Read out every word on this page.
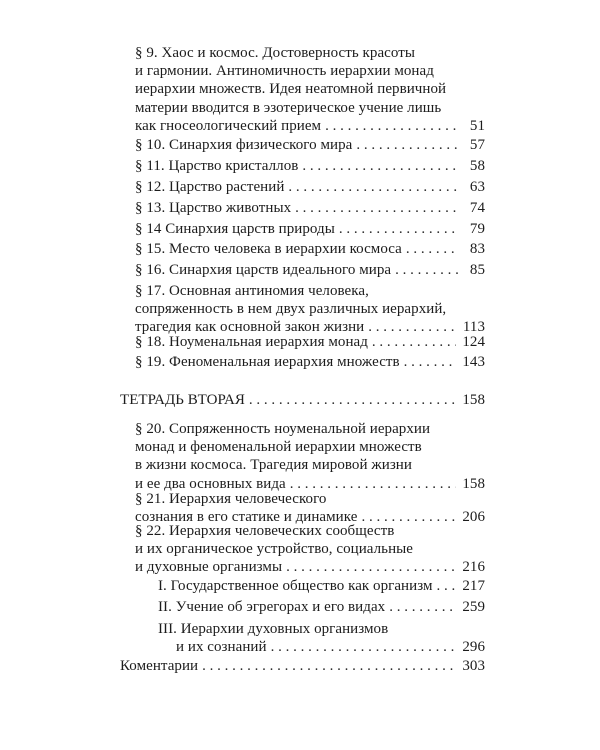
§ 9. Хаос и космос. Достоверность красоты
и гармонии. Антиномичность иерархии монад
иерархии множеств. Идея неатомной первичной
материи вводится в эзотерическое учение лишь
как гносеологический прием . . .	51
§ 10. Синархия физического мира . . .	57
§ 11. Царство кристаллов . . .	58
§ 12. Царство растений . . .	63
§ 13. Царство животных . . .	74
§ 14 Синархия царств природы . . .	79
§ 15. Место человека в иерархии космоса . . .	83
§ 16. Синархия царств идеального мира . . .	85
§ 17. Основная антиномия человека,
сопряженность в нем двух различных иерархий,
трагедия как основной закон жизни . . .	113
§ 18. Ноуменальная иерархия монад . . .	124
§ 19. Феноменальная иерархия множеств . . .	143
ТЕТРАДЬ ВТОРАЯ . . .	158
§ 20. Сопряженность ноуменальной иерархии
монад и феноменальной иерархии множеств
в жизни космоса. Трагедия мировой жизни
и ее два основных вида . . .	158
§ 21. Иерархия человеческого
сознания в его статике и динамике . . .	206
§ 22. Иерархия человеческих сообществ
и их органическое устройство, социальные
и духовные организмы . . .	216
I. Государственное общество как организм . . . 217
II. Учение об эгрегорах и его видах . . .	259
III. Иерархии духовных организмов
и их сознаний . . .	296
Коментарии . . .	303
